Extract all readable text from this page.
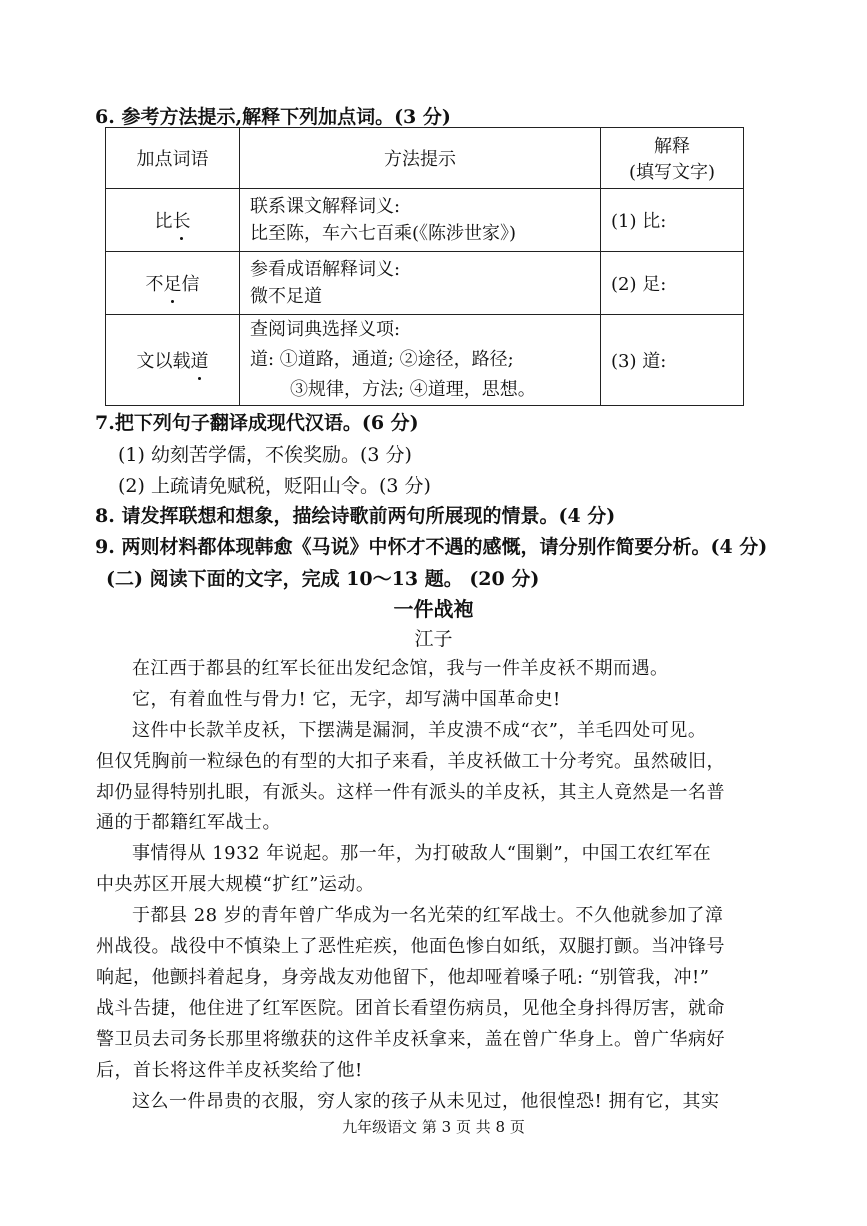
6. 参考方法提示,解释下列加点词。(3 分)
加点词语	方法提示	解释
(填写文字)

比长	联系课文解释词义:
比至陈，车六七百乘(《陈涉世家》)	(1) 比:
不足信	参看成语解释词义:
微不足道	(2) 足:
文以载道	查阅词典选择义项:
道: ①道路，通道; ②途径，路径;
③规律，方法; ④道理，思想。	(3) 道:
7.把下列句子翻译成现代汉语。(6 分)
(1) 幼刻苦学儒，不俟奖励。(3 分)
(2) 上疏请免赋税，贬阳山令。(3 分)
8. 请发挥联想和想象，描绘诗歌前两句所展现的情景。(4 分)
9. 两则材料都体现韩愈《马说》中怀才不遇的感慨，请分别作简要分析。(4 分)
(二) 阅读下面的文字，完成 10～13 题。 (20 分)
一件战袍
江子
在江西于都县的红军长征出发纪念馆，我与一件羊皮袄不期而遇。
它，有着血性与骨力! 它，无字，却写满中国革命史!
这件中长款羊皮袄，下摆满是漏洞，羊皮溃不成“衣”，羊毛四处可见。
但仅凭胸前一粒绿色的有型的大扣子来看，羊皮袄做工十分考究。虽然破旧，
却仍显得特别扎眼，有派头。这样一件有派头的羊皮袄，其主人竟然是一名普
通的于都籍红军战士。
事情得从 1932 年说起。那一年，为打破敌人“围剿”，中国工农红军在
中央苏区开展大规模“扩红”运动。
于都县 28 岁的青年曾广华成为一名光荣的红军战士。不久他就参加了漳
州战役。战役中不慎染上了恶性疟疾，他面色惨白如纸，双腿打颤。当冲锋号
响起，他颤抖着起身，身旁战友劝他留下，他却哑着嗓子吼: “别管我，冲!”
战斗告捷，他住进了红军医院。团首长看望伤病员，见他全身抖得厉害，就命
警卫员去司务长那里将缴获的这件羊皮袄拿来，盖在曾广华身上。曾广华病好
后，首长将这件羊皮袄奖给了他!
这么一件昂贵的衣服，穷人家的孩子从未见过，他很惶恐! 拥有它，其实
九年级语文 第 3 页 共 8 页
